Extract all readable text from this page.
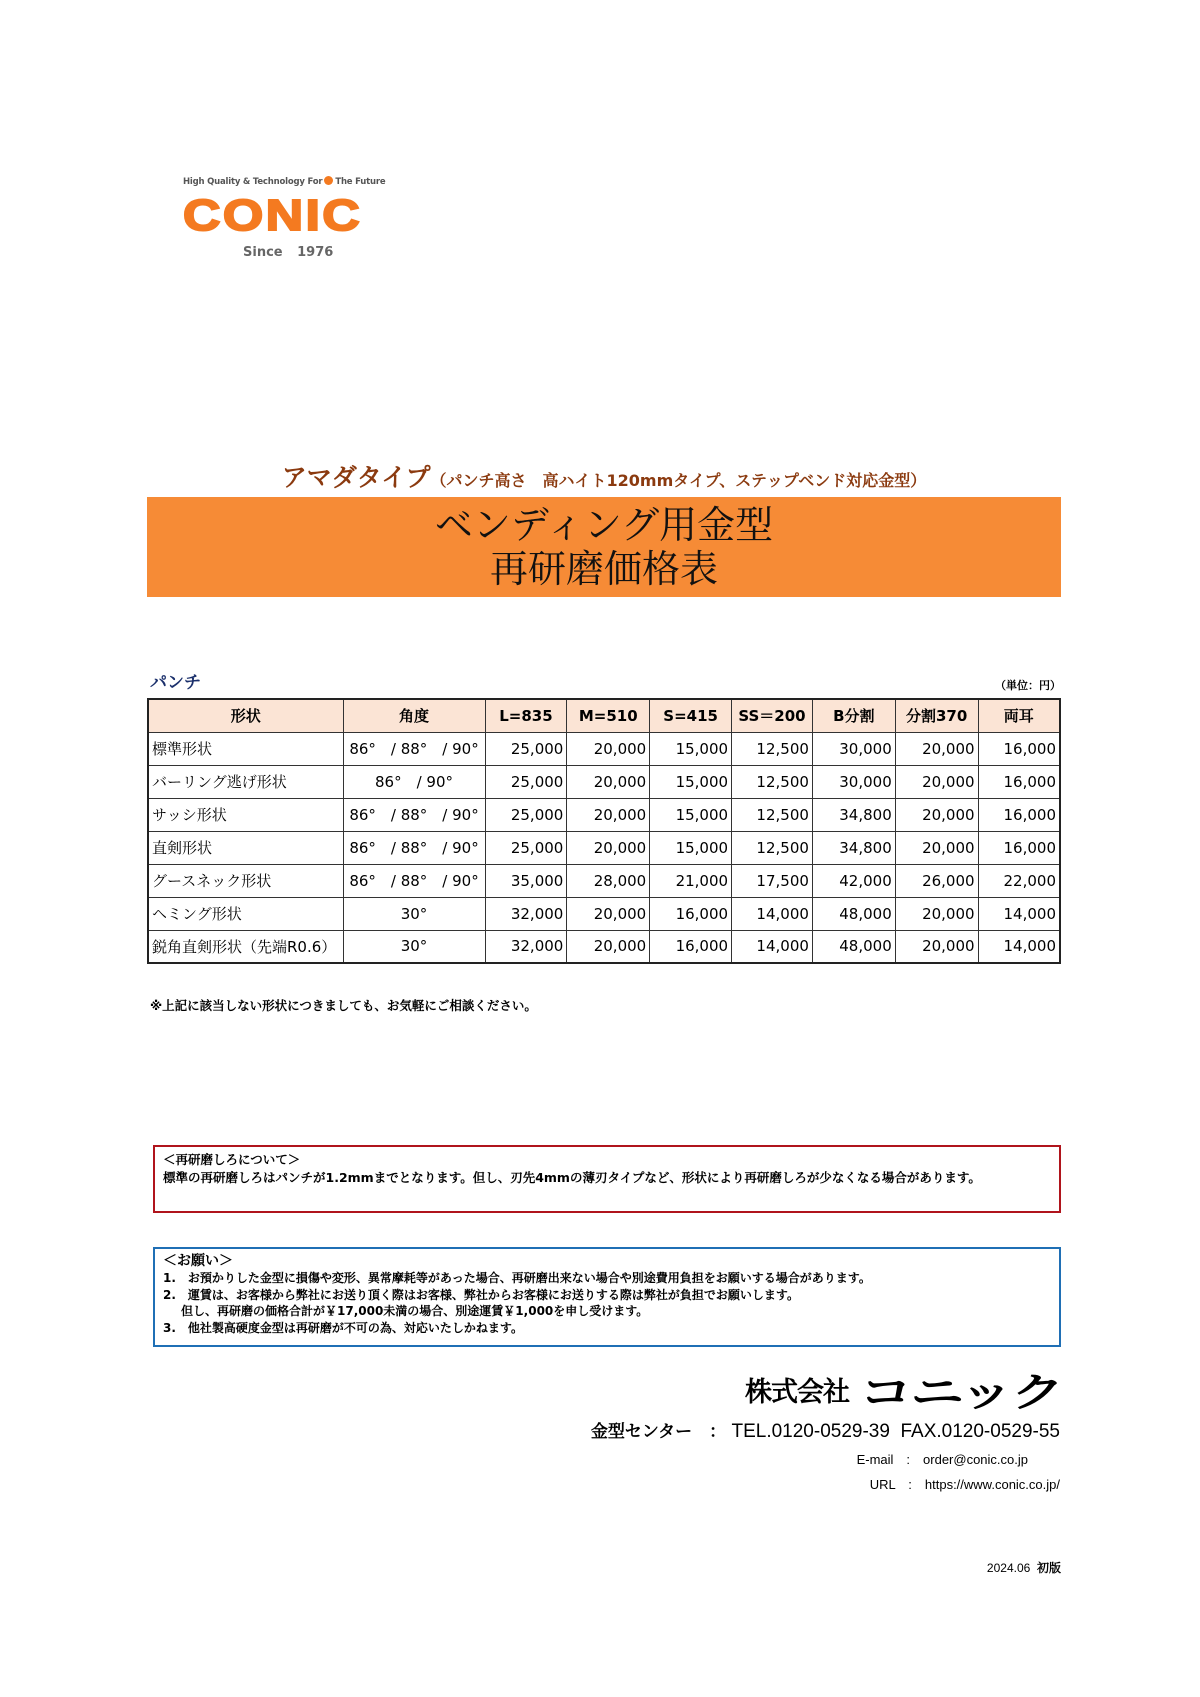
High Quality & Technology For The Future
CONIC
Since 1976
アマダタイプ（パンチ高さ　高ハイト120mmタイプ、ステップベンド対応金型）
ベンディング用金型
再研磨価格表
パンチ	（単位：円）
形状	角度	L=835	M=510	S=415	SS＝200	B分割	分割370	両耳
標準形状	86°　/ 88°　/ 90°	25,000	20,000	15,000	12,500	30,000	20,000	16,000
バーリング逃げ形状	86°　/ 90°	25,000	20,000	15,000	12,500	30,000	20,000	16,000
サッシ形状	86°　/ 88°　/ 90°	25,000	20,000	15,000	12,500	34,800	20,000	16,000
直剣形状	86°　/ 88°　/ 90°	25,000	20,000	15,000	12,500	34,800	20,000	16,000
グースネック形状	86°　/ 88°　/ 90°	35,000	28,000	21,000	17,500	42,000	26,000	22,000
ヘミング形状	30°	32,000	20,000	16,000	14,000	48,000	20,000	14,000
鋭角直剣形状（先端R0.6）	30°	32,000	20,000	16,000	14,000	48,000	20,000	14,000
※上記に該当しない形状につきましても、お気軽にご相談ください。
＜再研磨しろについて＞
標準の再研磨しろはパンチが1.2mmまでとなります。但し、刃先4mmの薄刃タイプなど、形状により再研磨しろが少なくなる場合があります。
＜お願い＞
1.　お預かりした金型に損傷や変形、異常摩耗等があった場合、再研磨出来ない場合や別途費用負担をお願いする場合があります。
2.　運賃は、お客様から弊社にお送り頂く際はお客様、弊社からお客様にお送りする際は弊社が負担でお願いします。
但し、再研磨の価格合計が￥17,000未満の場合、別途運賃￥1,000を申し受けます。
3.　他社製高硬度金型は再研磨が不可の為、対応いたしかねます。
株式会社 コニック
金型センター　： TEL.0120-0529-39 FAX.0120-0529-55
E-mail　:　order@conic.co.jp
URL　:　https://www.conic.co.jp/
2024.06 初版
